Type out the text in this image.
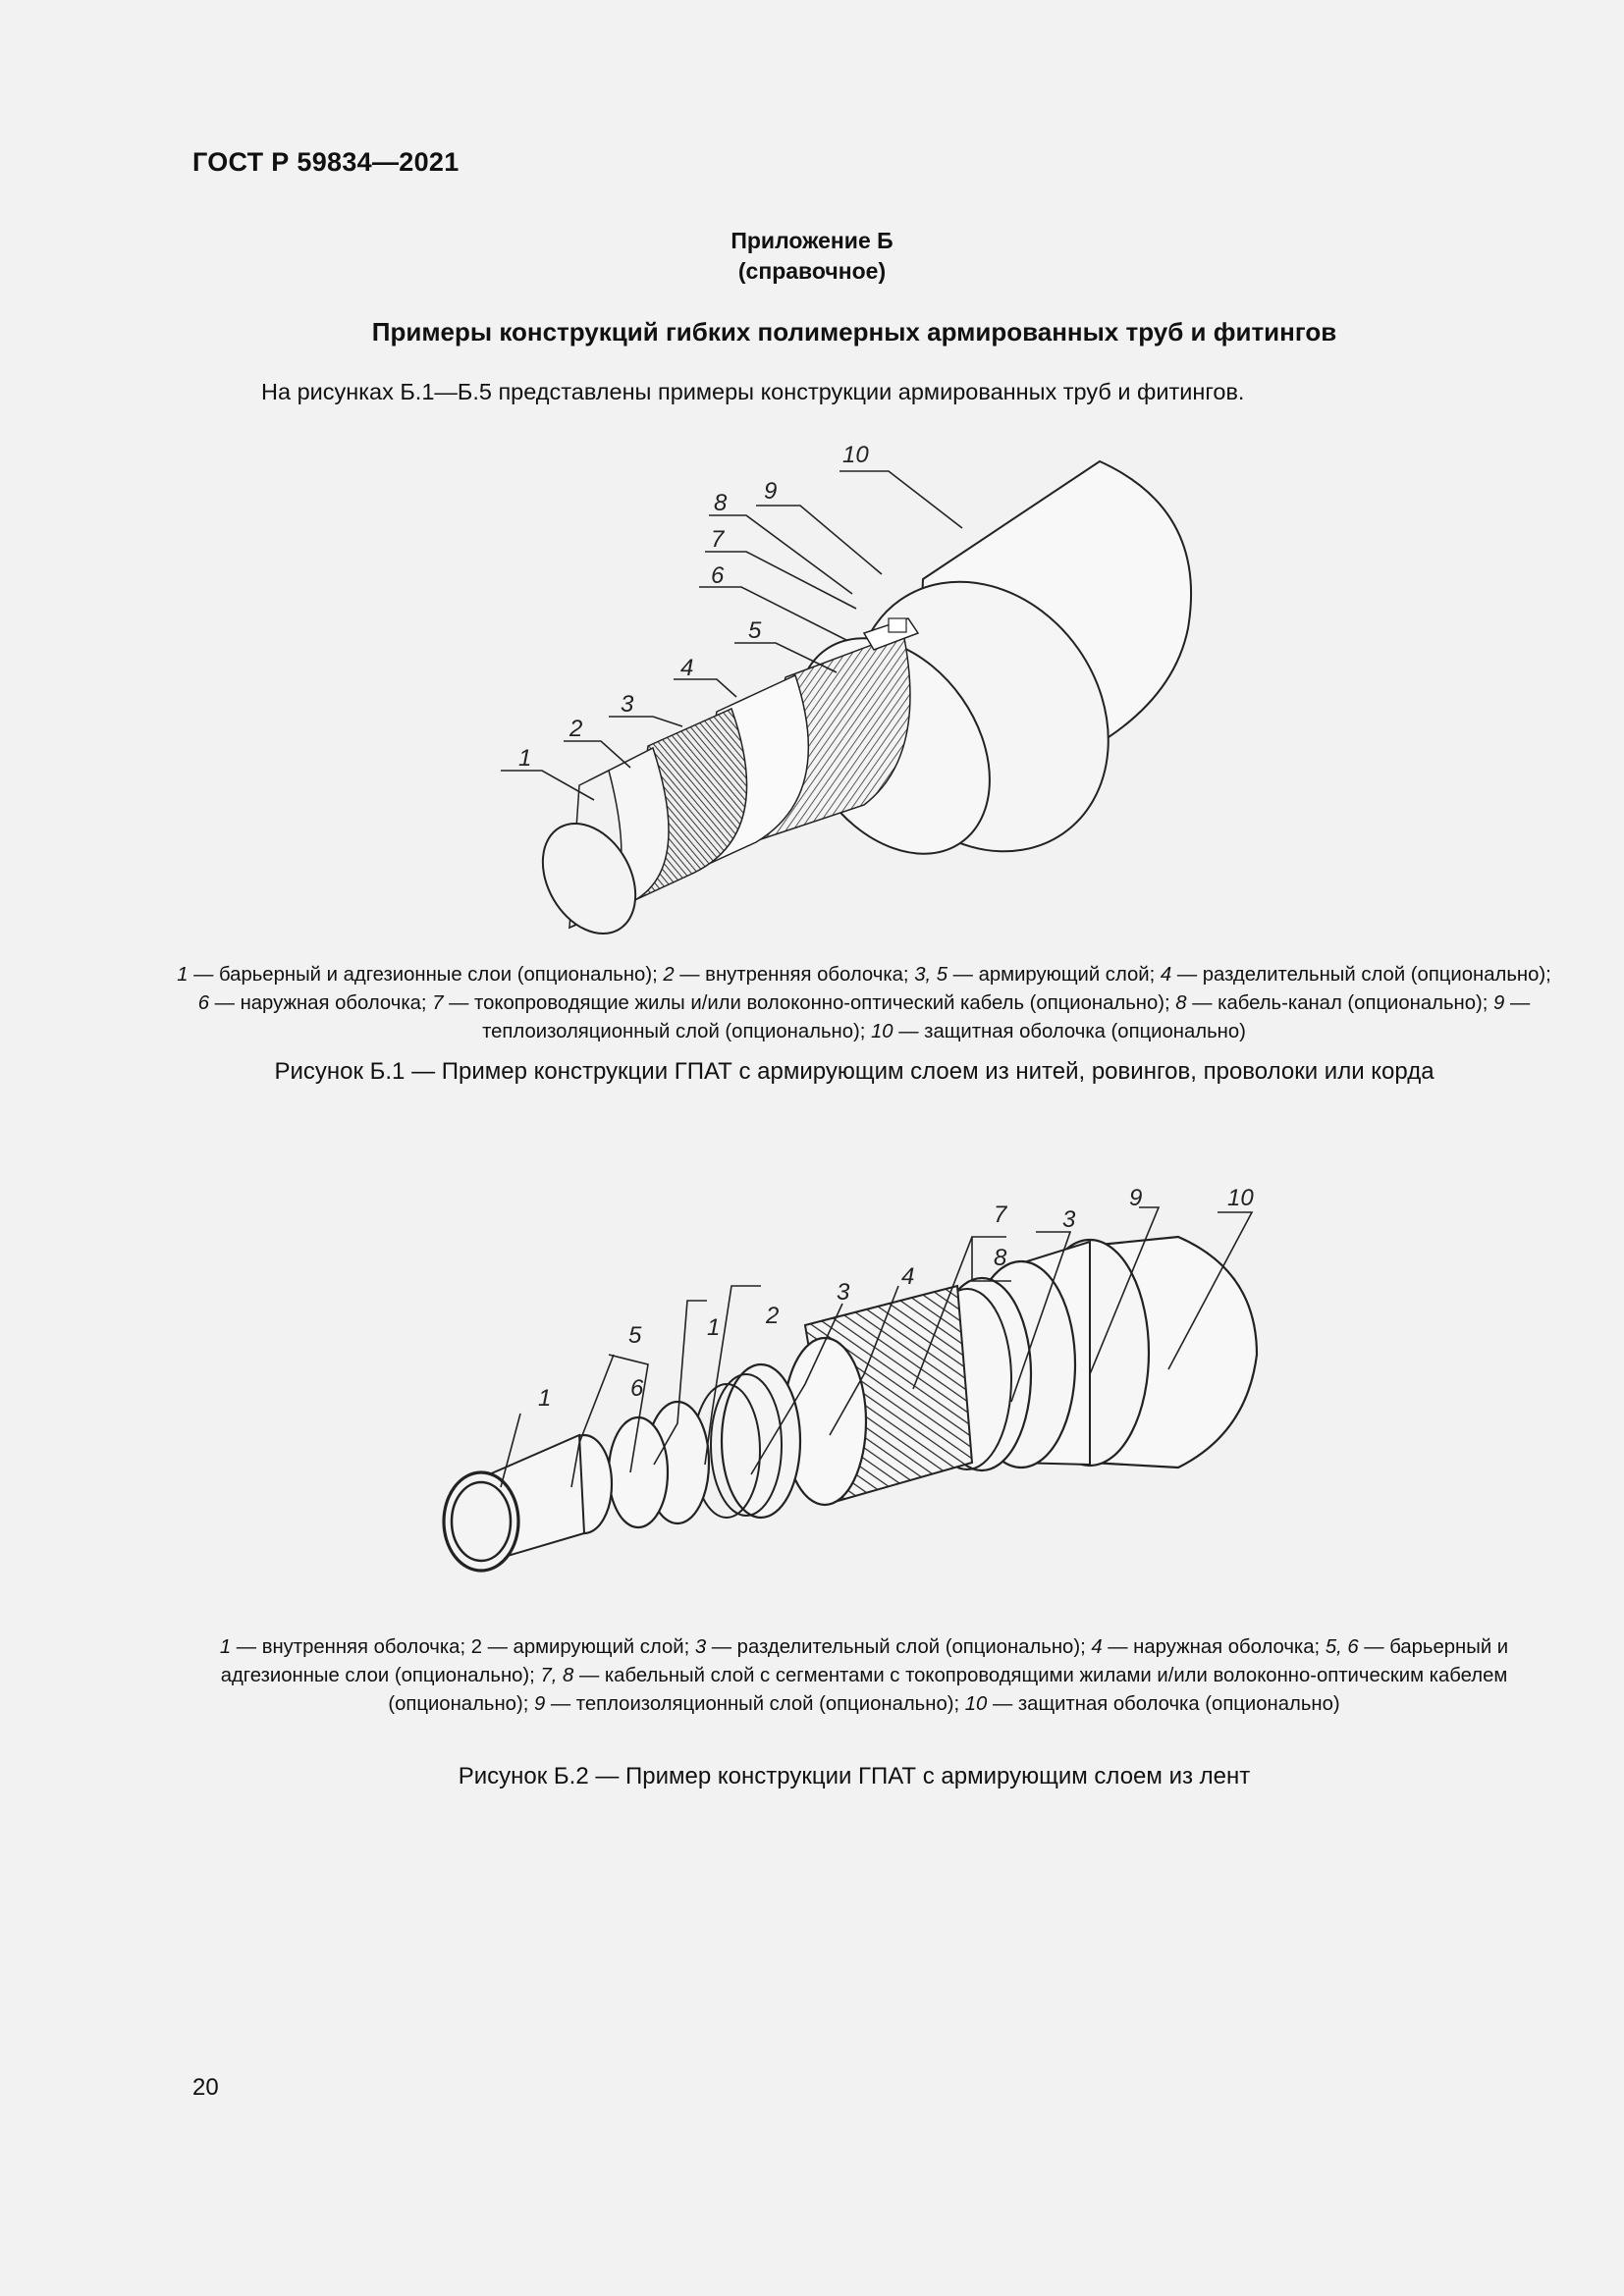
ГОСТ Р 59834—2021
Приложение Б
(справочное)
Примеры конструкций гибких полимерных армированных труб и фитингов
На рисунках Б.1—Б.5 представлены примеры конструкции армированных труб и фитингов.
10
9
8
7
6
5
4
3
2
1
1 — барьерный и адгезионные слои (опционально); 2 — внутренняя оболочка; 3, 5 — армирующий слой; 4 — разделительный слой (опционально); 6 — наружная оболочка; 7 — токопроводящие жилы и/или волоконно-оптический кабель (опционально); 8 — кабель-канал (опционально); 9 — теплоизоляционный слой (опционально); 10 — защитная оболочка (опционально)
Рисунок Б.1 — Пример конструкции ГПАТ с армирующим слоем из нитей, ровингов, проволоки или корда
9	10
7 3
8
4
3
2
1
5
6
1
1 — внутренняя оболочка; 2 — армирующий слой; 3 — разделительный слой (опционально); 4 — наружная оболочка; 5, 6 — барьерный и адгезионные слои (опционально); 7, 8 — кабельный слой с сегментами с токопроводящими жилами и/или волоконно-оптическим кабелем (опционально); 9 — теплоизоляционный слой (опционально); 10 — защитная оболочка (опционально)
Рисунок Б.2 — Пример конструкции ГПАТ с армирующим слоем из лент
20
